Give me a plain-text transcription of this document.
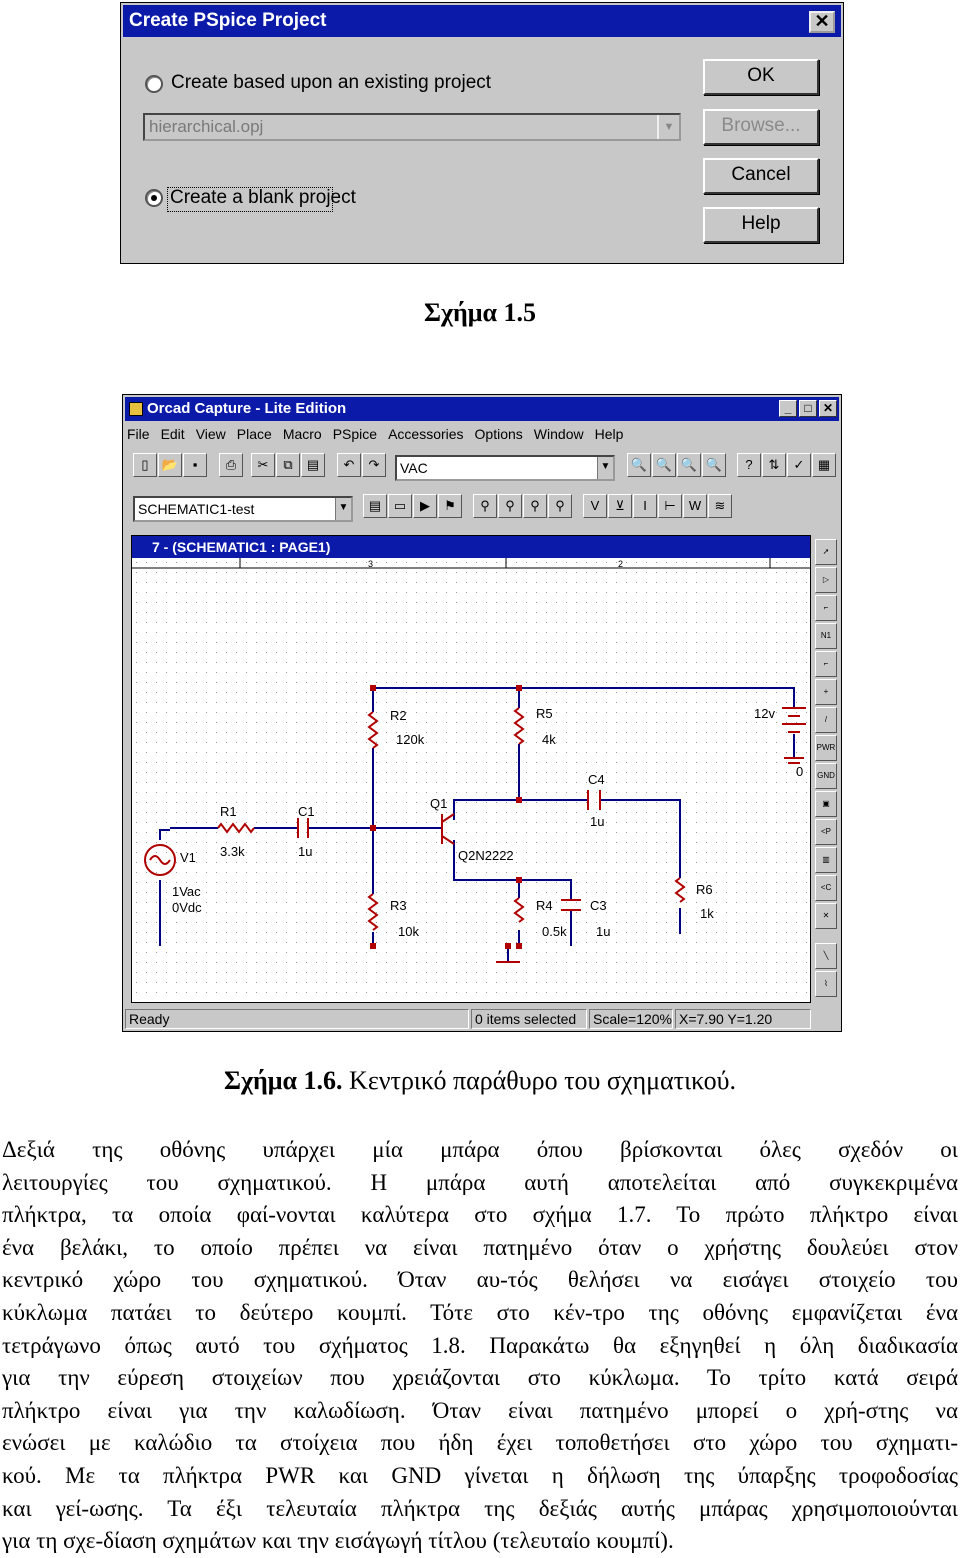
Create PSpice Project	✕
Create based upon an existing project
hierarchical.opj	▼
Create a blank project
OK
Browse...
Cancel
Help
Σχήμα 1.5
Orcad Capture - Lite Edition	_	□ ✕
File Edit View Place Macro PSpice Accessories Options Window Help
▯	📂	▪	⎙	✂	⧉	▤	↶	↷	VAC	▼	🔍 🔍 🔍 🔍	?	⇅	✓	▦
SCHEMATIC1-test	▼	▤ ▭	▶	⚑	⚲	⚲	⚲	⚲	V	⊻	I	⊢	W	≋
7 - (SCHEMATIC1 : PAGE1)
3	2
R2
120k
R5
4k
12v
C4
1u
Q1
Q2N2222
R1
3.3k
C1
1u
V1
1Vac
0Vdc	R3
10k
R4
0.5k
C3
1u
R6
1k
0
➚
▷
⌐
N1
⌐
+
/
PWR
GND
▣
<P
▥
<C
✕
╲
⌇
Ready	0 items selected	Scale=120% X=7.90 Y=1.20
Σχήμα 1.6. Κεντρικό παράθυρο του σχηματικού.
Δεξιά της οθόνης υπάρχει μία μπάρα όπου βρίσκονται όλες σχεδόν οι
λειτουργίες του σχηματικού. Η μπάρα αυτή αποτελείται από συγκεκριμένα
πλήκτρα, τα οποία φαί-νονται καλύτερα στο σχήμα 1.7. Το πρώτο πλήκτρο είναι
ένα βελάκι, το οποίο πρέπει να είναι πατημένο όταν ο χρήστης δουλεύει στον
κεντρικό χώρο του σχηματικού. Όταν αυ-τός θελήσει να εισάγει στοιχείο του
κύκλωμα πατάει το δεύτερο κουμπί. Τότε στο κέν-τρο της οθόνης εμφανίζεται ένα
τετράγωνο όπως αυτό του σχήματος 1.8. Παρακάτω θα εξηγηθεί η όλη διαδικασία
για την εύρεση στοιχείων που χρειάζονται στο κύκλωμα. Το τρίτο κατά σειρά
πλήκτρο είναι για την καλωδίωση. Όταν είναι πατημένο μπορεί ο χρή-στης να
ενώσει με καλώδιο τα στοίχεια που ήδη έχει τοποθετήσει στο χώρο του σχηματι-
κού. Με τα πλήκτρα PWR και GND γίνεται η δήλωση της ύπαρξης τροφοδοσίας
και γεί-ωσης. Τα έξι τελευταία πλήκτρα της δεξιάς αυτής μπάρας χρησιμοποιούνται
για τη σχε-δίαση σχημάτων και την εισάγωγή τίτλου (τελευταίο κουμπί).
